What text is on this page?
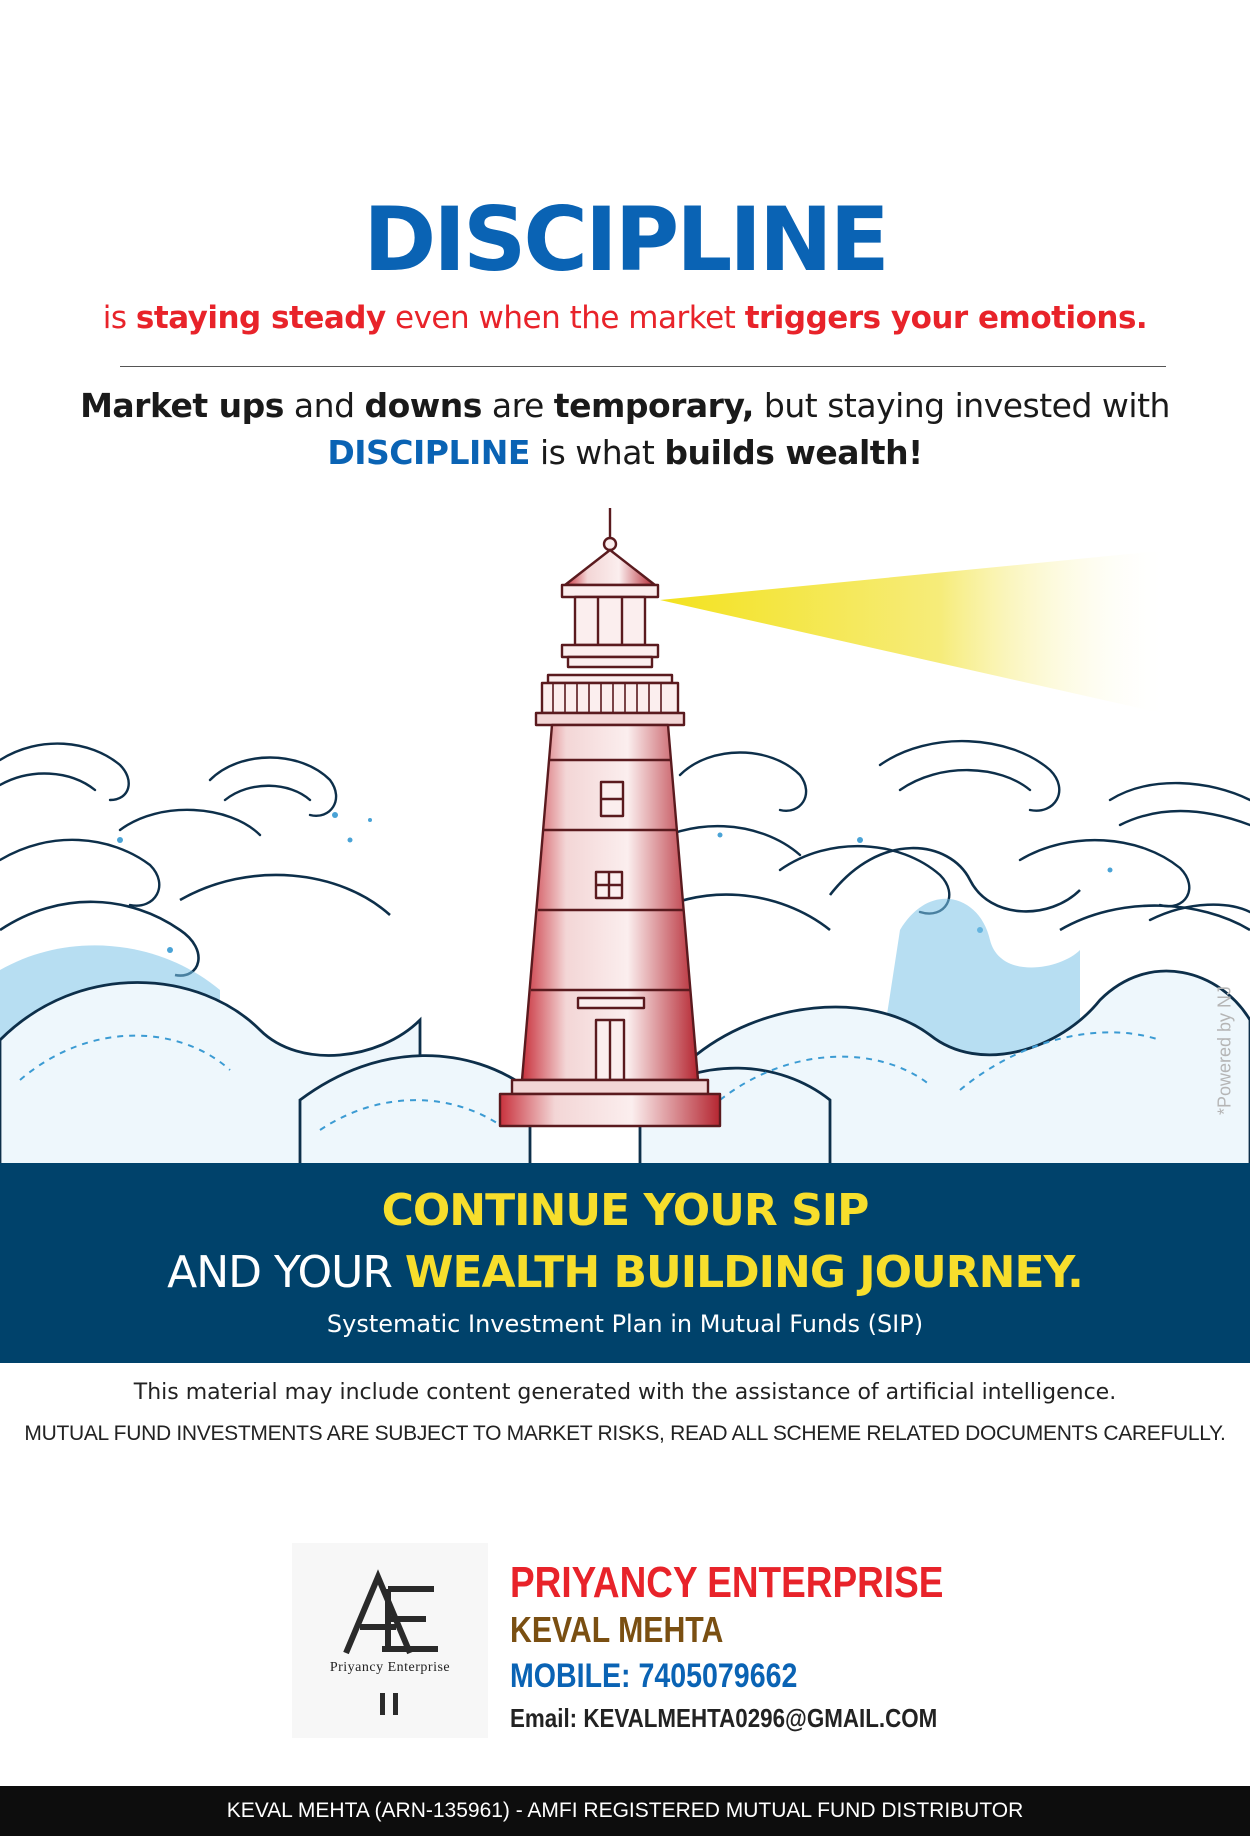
DISCIPLINE
is staying steady even when the market triggers your emotions.
Market ups and downs are temporary, but staying invested with
DISCIPLINE is what builds wealth!
*Powered by NJ
CONTINUE YOUR SIP
AND YOUR WEALTH BUILDING JOURNEY.
Systematic Investment Plan in Mutual Funds (SIP)
This material may include content generated with the assistance of artificial intelligence.
MUTUAL FUND INVESTMENTS ARE SUBJECT TO MARKET RISKS, READ ALL SCHEME RELATED DOCUMENTS CAREFULLY.
Priyancy Enterprise
PRIYANCY ENTERPRISE
KEVAL MEHTA
MOBILE: 7405079662
Email: KEVALMEHTA0296@GMAIL.COM
KEVAL MEHTA (ARN-135961) - AMFI REGISTERED MUTUAL FUND DISTRIBUTOR
